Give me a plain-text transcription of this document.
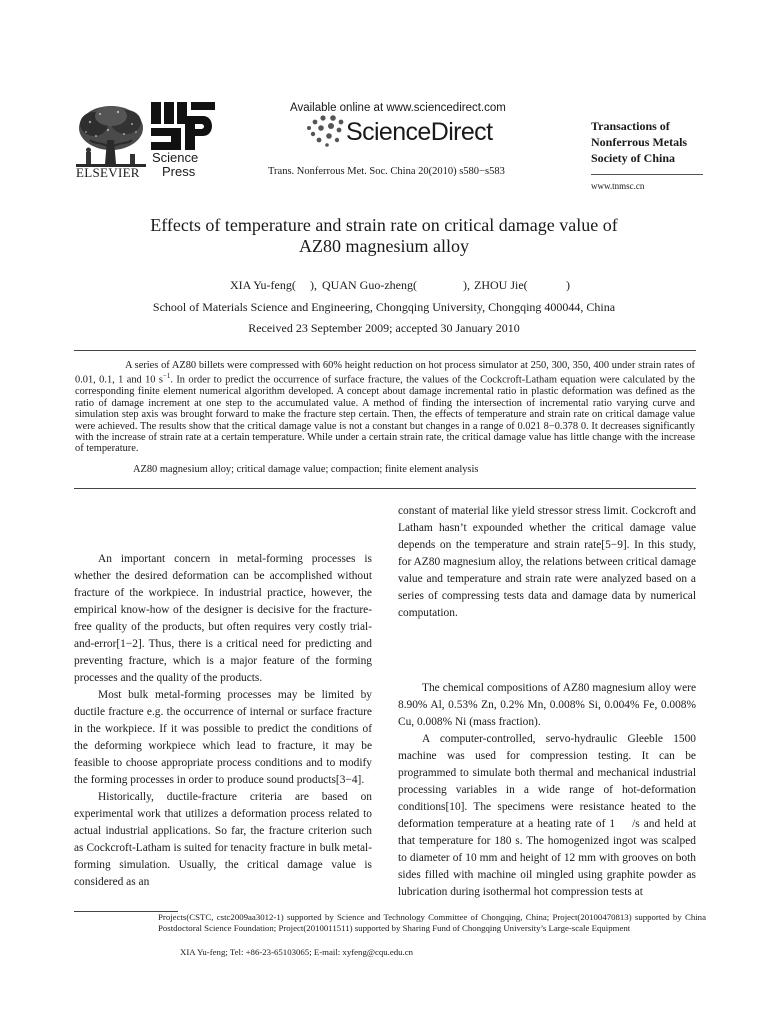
ELSEVIER
Science
Press
Available online at www.sciencedirect.com
ScienceDirect
Trans. Nonferrous Met. Soc. China 20(2010) s580−s583
Transactions of
Nonferrous Metals
Society of China
www.tnmsc.cn
Effects of temperature and strain rate on critical damage value of
AZ80 magnesium alloy
XIA Yu-feng( ), QUAN Guo-zheng(	), ZHOU Jie(	)
School of Materials Science and Engineering, Chongqing University, Chongqing 400044, China
Received 23 September 2009; accepted 30 January 2010

A series of AZ80 billets were compressed with 60% height reduction on hot process simulator at 250, 300, 350, 400 under strain rates of 0.01, 0.1, 1 and 10 $s^{-1}$. In order to predict the occurrence of surface fracture, the values of the Cockcroft-Latham equation were calculated by the corresponding finite element numerical algorithm developed. A concept about damage incremental ratio in plastic deformation was defined as the ratio of damage increment at one step to the accumulated value. A method of finding the intersection of incremental ratio varying curve and simulation step axis was brought forward to make the fracture step certain. Then, the effects of temperature and strain rate on critical damage value were achieved. The results show that the critical damage value is not a constant but changes in a range of 0.021 8−0.378 0. It decreases significantly with the increase of strain rate at a certain temperature. While under a certain strain rate, the critical damage value has little change with the increase of temperature.

AZ80 magnesium alloy; critical damage value; compaction; finite element analysis

An important concern in metal-forming processes is whether the desired deformation can be accomplished without fracture of the workpiece. In industrial practice, however, the empirical know-how of the designer is decisive for the fracture-free quality of the products, but often requires very costly trial-and-error[1−2]. Thus, there is a critical need for predicting and preventing fracture, which is a major feature of the forming processes and the quality of the products.

Most bulk metal-forming processes may be limited by ductile fracture e.g. the occurrence of internal or surface fracture in the workpiece. If it was possible to predict the conditions of the deforming workpiece which lead to fracture, it may be feasible to choose appropriate process conditions and to modify the forming processes in order to produce sound products[3−4].

Historically, ductile-fracture criteria are based on experimental work that utilizes a deformation process related to actual industrial applications. So far, the fracture criterion such as Cockcroft-Latham is suited for tenacity fracture in bulk metal-forming simulation. Usually, the critical damage value is considered as an

constant of material like yield stressor stress limit. Cockcroft and Latham hasn’t expounded whether the critical damage value depends on the temperature and strain rate[5−9]. In this study, for AZ80 magnesium alloy, the relations between critical damage value and temperature and strain rate were analyzed based on a series of compressing tests data and damage data by numerical computation.

The chemical compositions of AZ80 magnesium alloy were 8.90% Al, 0.53% Zn, 0.2% Mn, 0.008% Si, 0.004% Fe, 0.008% Cu, 0.008% Ni (mass fraction).

A computer-controlled, servo-hydraulic Gleeble 1500 machine was used for compression testing. It can be programmed to simulate both thermal and mechanical industrial processing variables in a wide range of hot-deformation conditions[10]. The specimens were resistance heated to the deformation temperature at a heating rate of 1   /s and held at that temperature for 180 s. The homogenized ingot was scalped to diameter of 10 mm and height of 12 mm with grooves on both sides filled with machine oil mingled using graphite powder as lubrication during isothermal hot compression tests at

Projects(CSTC, cstc2009aa3012-1) supported by Science and Technology Committee of Chongqing, China; Project(20100470813) supported by China Postdoctoral Science Foundation; Project(2010011511) supported by Sharing Fund of Chongqing University’s Large-scale Equipment

XIA Yu-feng; Tel: +86-23-65103065; E-mail: xyfeng@cqu.edu.cn
